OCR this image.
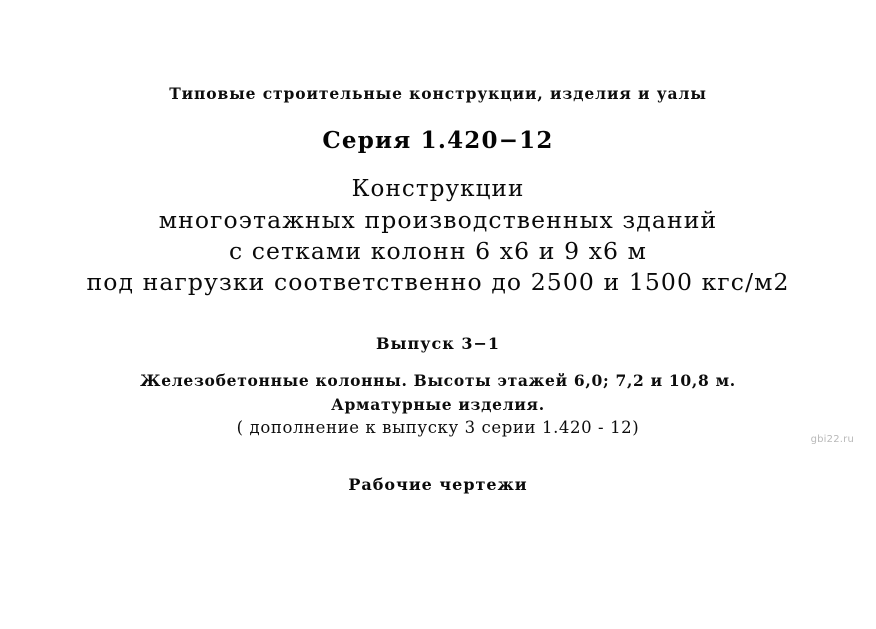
Типовые строительные конструкции, изделия и уалы
Серия 1.420−12
Конструкции
многоэтажных производственных зданий
с сетками колонн 6 х6 и 9 х6 м
под нагрузки соответственно до 2500 и 1500 кгс/м2
Выпуск 3−1
Железобетонные колонны. Высоты этажей 6,0; 7,2 и 10,8 м.
Арматурные изделия.
( дополнение к выпуску 3 серии 1.420 - 12)
Рабочие чертежи
gbi22.ru
